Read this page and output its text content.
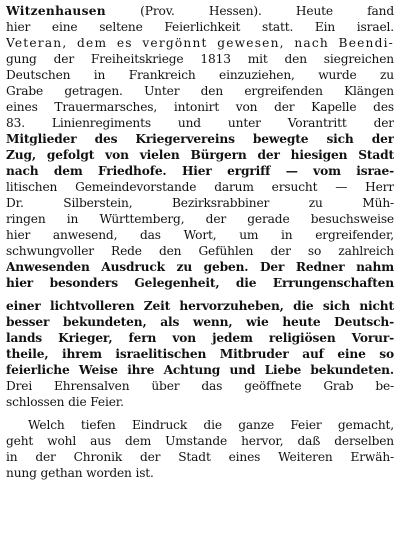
Witzenhausen	(Prov. Hessen). Heute fand
hier eine seltene Feierlichkeit statt. Ein israel.
Veteran, dem es vergönnt gewesen, nach Beendi-
gung der Freiheitskriege 1813 mit den siegreichen
Deutschen in Frankreich einzuziehen, wurde zu
Grabe getragen. Unter den ergreifenden Klängen
eines Trauermarsches, intonirt von der Kapelle des
83. Linienregiments und unter Vorantritt der
Mitglieder des Kriegervereins bewegte sich der
Zug, gefolgt von vielen Bürgern der hiesigen Stadt
nach dem Friedhofe. Hier ergriff — vom israe-
litischen Gemeindevorstande darum ersucht — Herr
Dr. Silberstein, Bezirksrabbiner zu Müh-
ringen in Württemberg, der gerade besuchsweise
hier anwesend, das Wort, um in ergreifender,
schwungvoller Rede den Gefühlen der so zahlreich
Anwesenden Ausdruck zu geben. Der Redner nahm
hier besonders Gelegenheit, die Errungenschaften
einer lichtvolleren Zeit hervorzuheben, die sich nicht
besser bekundeten, als wenn, wie heute Deutsch-
lands Krieger, fern von jedem religiösen Vorur-
theile, ihrem israelitischen Mitbruder auf eine so
feierliche Weise ihre Achtung und Liebe bekundeten.
Drei Ehrensalven über das geöffnete Grab be-
schlossen die Feier.
Welch tiefen Eindruck die ganze Feier gemacht,
geht wohl aus dem Umstande hervor, daß derselben
in der Chronik der Stadt eines Weiteren Erwäh-
nung gethan worden ist.
